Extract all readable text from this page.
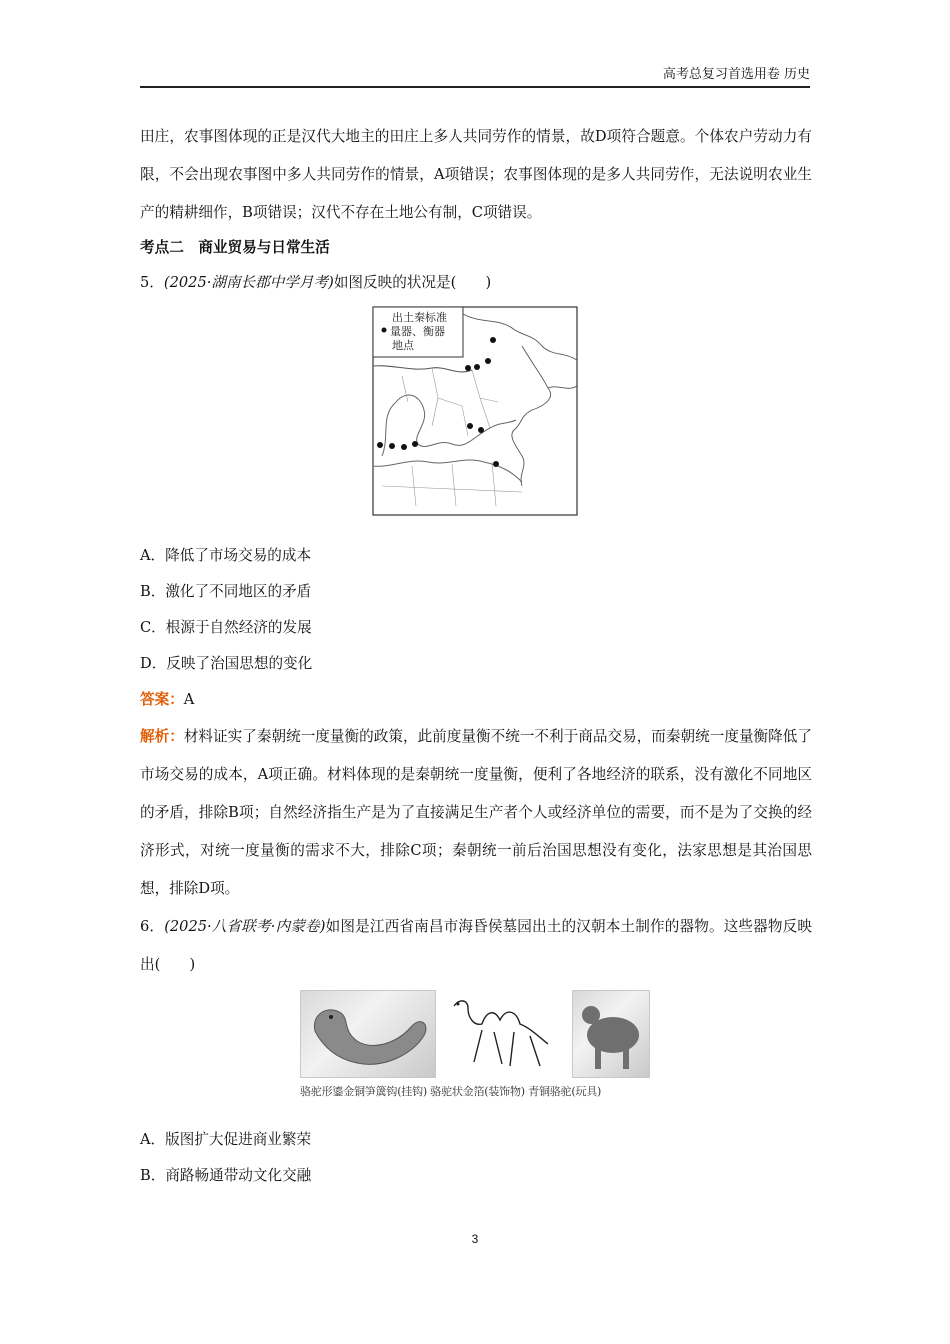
高考总复习首选用卷 历史

田庄，农事图体现的正是汉代大地主的田庄上多人共同劳作的情景，故D项符合题意。个体农户劳动力有限，不会出现农事图中多人共同劳作的情景，A项错误；农事图体现的是多人共同劳作，无法说明农业生产的精耕细作，B项错误；汉代不存在土地公有制，C项错误。

考点二　商业贸易与日常生活

5．(2025·湖南长郡中学月考)如图反映的状况是(　　)

出土秦标准
量器、衡器
地点

A．降低了市场交易的成本

B．激化了不同地区的矛盾

C．根源于自然经济的发展

D．反映了治国思想的变化

答案：A

解析：材料证实了秦朝统一度量衡的政策，此前度量衡不统一不利于商品交易，而秦朝统一度量衡降低了市场交易的成本，A项正确。材料体现的是秦朝统一度量衡，便利了各地经济的联系，没有激化不同地区的矛盾，排除B项；自然经济指生产是为了直接满足生产者个人或经济单位的需要，而不是为了交换的经济形式，对统一度量衡的需求不大，排除C项；秦朝统一前后治国思想没有变化，法家思想是其治国思想，排除D项。

6．(2025·八省联考·内蒙卷)如图是江西省南昌市海昏侯墓园出土的汉朝本土制作的器物。这些器物反映出(　　)

骆驼形鎏金铜笋簴钩(挂钩) 骆驼状金箔(装饰物) 青铜骆驼(玩具)

A．版图扩大促进商业繁荣

B．商路畅通带动文化交融

3
